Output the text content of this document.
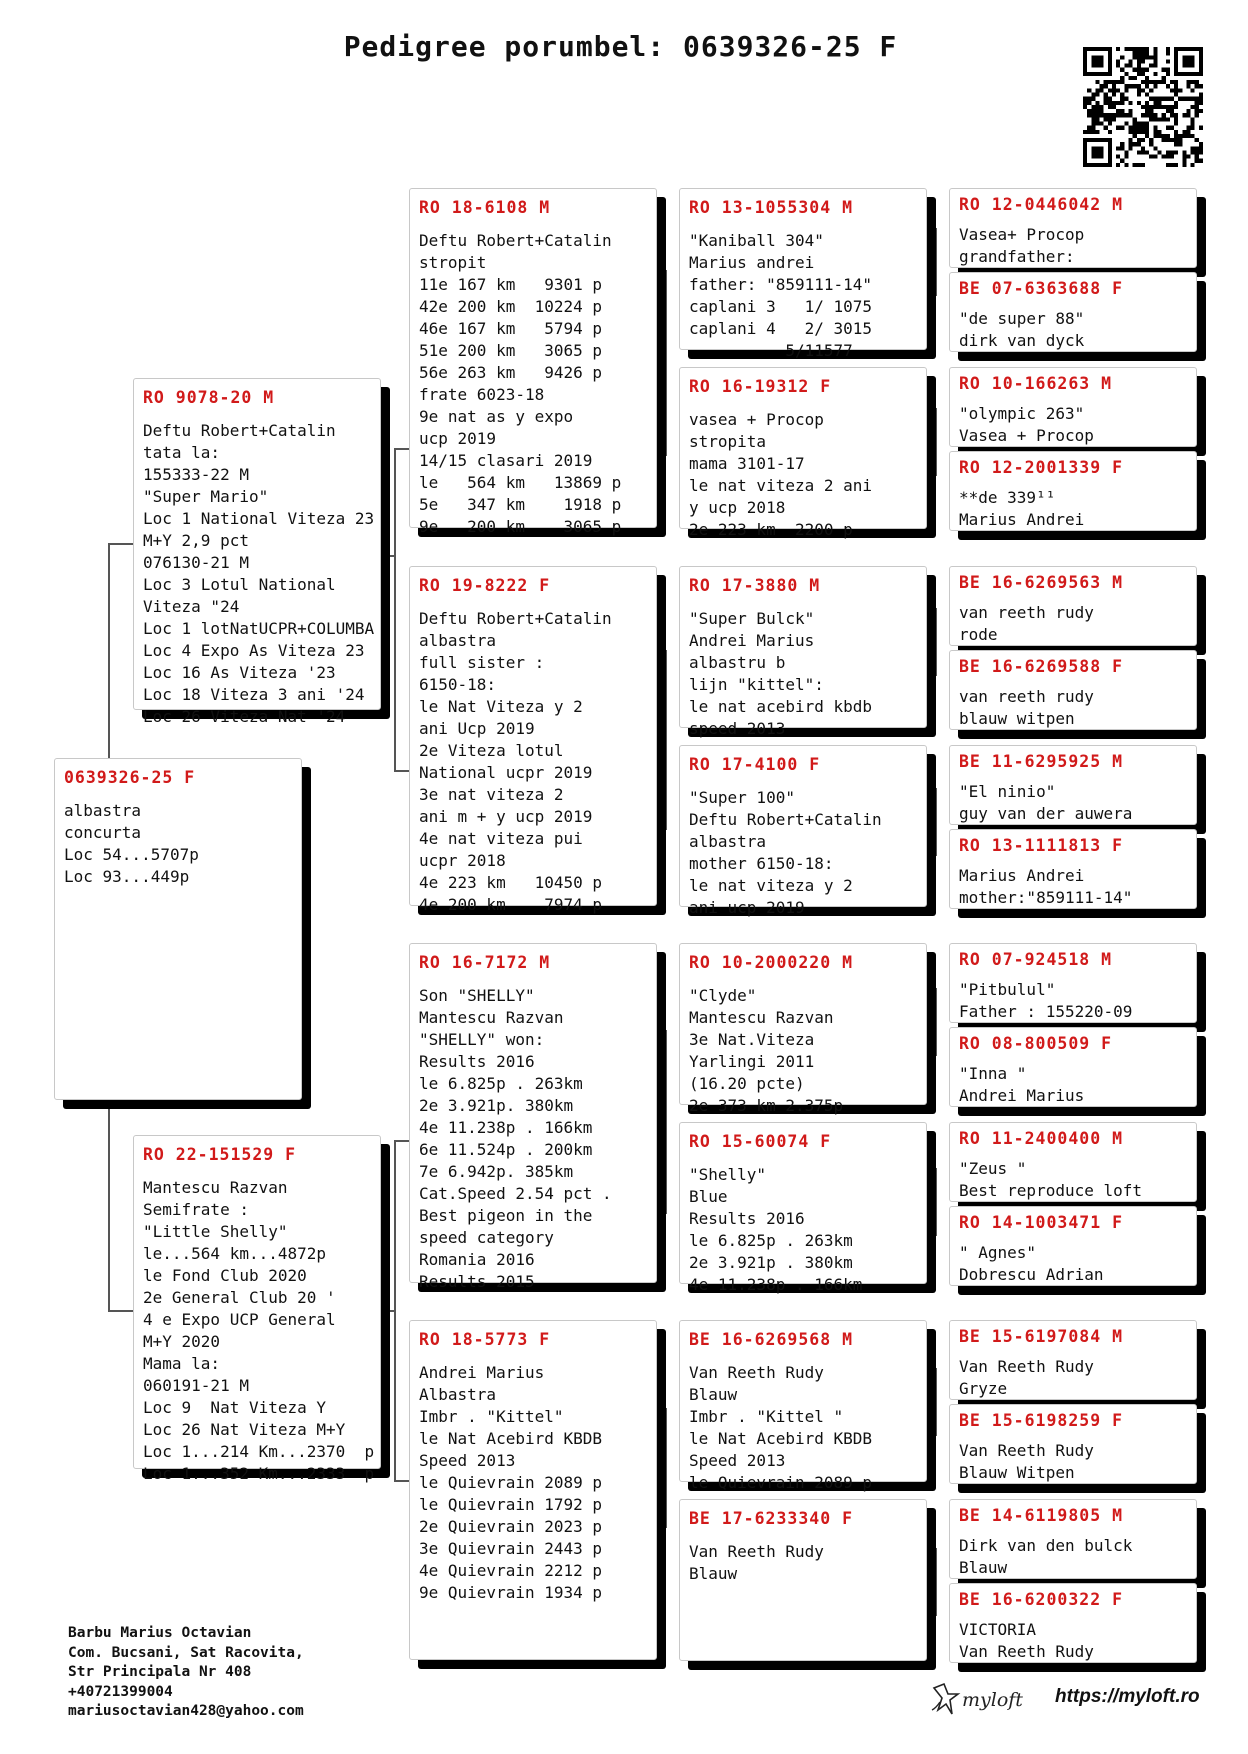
Pedigree porumbel: 0639326-25 F
0639326-25 F
albastra
concurta
Loc 54...5707p
Loc 93...449p
RO 9078-20 M
Deftu Robert+Catalin
tata la:
155333-22 M
"Super Mario"
Loc 1 National Viteza 23
M+Y 2,9 pct
076130-21 M
Loc 3 Lotul National
Viteza "24
Loc 1 lotNatUCPR+COLUMBA
Loc 4 Expo As Viteza 23
Loc 16 As Viteza '23
Loc 18 Viteza 3 ani '24
Loc 26 Viteza Nat '24
RO 22-151529 F
Mantescu Razvan
Semifrate :
"Little Shelly"
le...564 km...4872p
le Fond Club 2020
2e General Club 20 '
4 e Expo UCP General
M+Y 2020
Mama la:
060191-21 M
Loc 9  Nat Viteza Y
Loc 26 Nat Viteza M+Y
Loc 1...214 Km...2370  p
Loc 1...352 Km...2333  p
RO 18-6108 M
Deftu Robert+Catalin
stropit
11e 167 km   9301 p
42e 200 km  10224 p
46e 167 km   5794 p
51e 200 km   3065 p
56e 263 km   9426 p
frate 6023-18
9e nat as y expo
ucp 2019
14/15 clasari 2019
le   564 km   13869 p
5e   347 km    1918 p
9e   200 km    3065 p
RO 19-8222 F
Deftu Robert+Catalin
albastra
full sister :
6150-18:
le Nat Viteza y 2
ani Ucp 2019
2e Viteza lotul
National ucpr 2019
3e nat viteza 2
ani m + y ucp 2019
4e nat viteza pui
ucpr 2018
4e 223 km   10450 p
4e 200 km    7974 p
RO 16-7172 M
Son "SHELLY"
Mantescu Razvan
"SHELLY" won:
Results 2016
le 6.825p . 263km
2e 3.921p. 380km
4e 11.238p . 166km
6e 11.524p . 200km
7e 6.942p. 385km
Cat.Speed 2.54 pct .
Best pigeon in the
speed category
Romania 2016
Results 2015
RO 18-5773 F
Andrei Marius
Albastra
Imbr . "Kittel"
le Nat Acebird KBDB
Speed 2013
le Quievrain 2089 p
le Quievrain 1792 p
2e Quievrain 2023 p
3e Quievrain 2443 p
4e Quievrain 2212 p
9e Quievrain 1934 p
RO 13-1055304 M
"Kaniball 304"
Marius andrei
father: "859111-14"
caplani 3   1/ 1075
caplani 4   2/ 3015
5/11577
RO 16-19312 F
vasea + Procop
stropita
mama 3101-17
le nat viteza 2 ani
y ucp 2018
2e 223 km  2200 p
RO 17-3880 M
"Super Bulck"
Andrei Marius
albastru b
lijn "kittel":
le nat acebird kbdb
speed 2013
RO 17-4100 F
"Super 100"
Deftu Robert+Catalin
albastra
mother 6150-18:
le nat viteza y 2
ani ucp 2019
RO 10-2000220 M
"Clyde"
Mantescu Razvan
3e Nat.Viteza
Yarlingi 2011
(16.20 pcte)
2e 373 km 2.375p
RO 15-60074 F
"Shelly"
Blue
Results 2016
le 6.825p . 263km
2e 3.921p . 380km
4e 11.238p . 166km
BE 16-6269568 M
Van Reeth Rudy
Blauw
Imbr . "Kittel "
le Nat Acebird KBDB
Speed 2013
le Quievrain 2089 p
BE 17-6233340 F
Van Reeth Rudy
Blauw
RO 12-0446042 M
Vasea+ Procop
grandfather:
BE 07-6363688 F
"de super 88"
dirk van dyck
RO 10-166263 M
"olympic 263"
Vasea + Procop
RO 12-2001339 F
**de 339¹¹
Marius Andrei
BE 16-6269563 M
van reeth rudy
rode
BE 16-6269588 F
van reeth rudy
blauw witpen
BE 11-6295925 M
"El ninio"
guy van der auwera
RO 13-1111813 F
Marius Andrei
mother:"859111-14"
RO 07-924518 M
"Pitbulul"
Father : 155220-09
RO 08-800509 F
"Inna "
Andrei Marius
RO 11-2400400 M
"Zeus "
Best reproduce loft
RO 14-1003471 F
" Agnes"
Dobrescu Adrian
BE 15-6197084 M
Van Reeth Rudy
Gryze
BE 15-6198259 F
Van Reeth Rudy
Blauw Witpen
BE 14-6119805 M
Dirk van den bulck
Blauw
BE 16-6200322 F
VICTORIA
Van Reeth Rudy
Barbu Marius Octavian
Com. Bucsani, Sat Racovita,
Str Principala Nr 408
+40721399004
mariusoctavian428@yahoo.com	myloft https://myloft.ro
